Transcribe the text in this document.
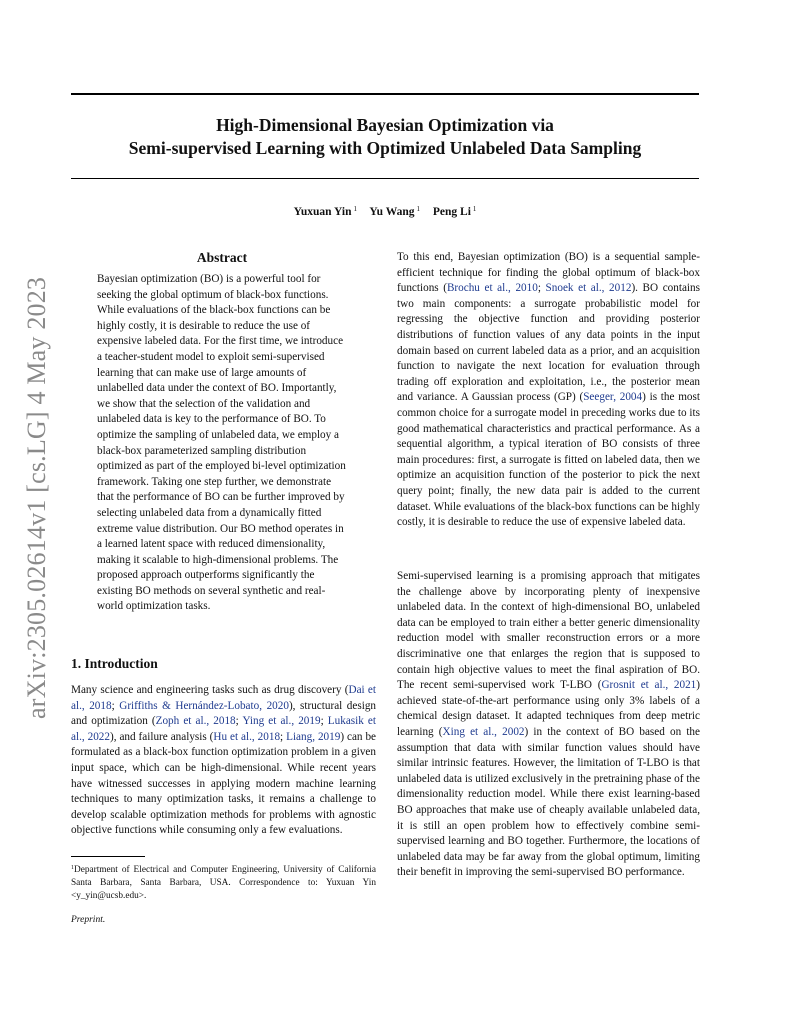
High-Dimensional Bayesian Optimization via
Semi-supervised Learning with Optimized Unlabeled Data Sampling
Yuxuan Yin $^1$ Yu Wang $^1$ Peng Li $^1$
arXiv:2305.02614v1 [cs.LG] 4 May 2023
Abstract
Bayesian optimization (BO) is a powerful tool for seeking the global optimum of black-box functions. While evaluations of the black-box functions can be highly costly, it is desirable to reduce the use of expensive labeled data. For the first time, we introduce a teacher-student model to exploit semi-supervised learning that can make use of large amounts of unlabelled data under the context of BO. Importantly, we show that the selection of the validation and unlabeled data is key to the performance of BO. To optimize the sampling of unlabeled data, we employ a black-box parameterized sampling distribution optimized as part of the employed bi-level optimization framework. Taking one step further, we demonstrate that the performance of BO can be further improved by selecting unlabeled data from a dynamically fitted extreme value distribution. Our BO method operates in a learned latent space with reduced dimensionality, making it scalable to high-dimensional problems. The proposed approach outperforms significantly the existing BO methods on several synthetic and real-world optimization tasks.
1. Introduction
Many science and engineering tasks such as drug discovery (Dai et al., 2018; Griffiths & Hernández-Lobato, 2020), structural design and optimization (Zoph et al., 2018; Ying et al., 2019; Lukasik et al., 2022), and failure analysis (Hu et al., 2018; Liang, 2019) can be formulated as a black-box function optimization problem in a given input space, which can be high-dimensional. While recent years have witnessed successes in applying modern machine learning techniques to many optimization tasks, it remains a challenge to develop scalable optimization methods for problems with agnostic objective functions while consuming only a few evaluations.
To this end, Bayesian optimization (BO) is a sequential sample-efficient technique for finding the global optimum of black-box functions (Brochu et al., 2010; Snoek et al., 2012). BO contains two main components: a surrogate probabilistic model for regressing the objective function and providing posterior distributions of function values of any data points in the input domain based on current labeled data as a prior, and an acquisition function to navigate the next location for evaluation through trading off exploration and exploitation, i.e., the posterior mean and variance. A Gaussian process (GP) (Seeger, 2004) is the most common choice for a surrogate model in preceding works due to its good mathematical characteristics and practical performance. As a sequential algorithm, a typical iteration of BO consists of three main procedures: first, a surrogate is fitted on labeled data, then we optimize an acquisition function of the posterior to pick the next query point; finally, the new data pair is added to the current dataset. While evaluations of the black-box functions can be highly costly, it is desirable to reduce the use of expensive labeled data.
Semi-supervised learning is a promising approach that mitigates the challenge above by incorporating plenty of inexpensive unlabeled data. In the context of high-dimensional BO, unlabeled data can be employed to train either a better generic dimensionality reduction model with smaller reconstruction errors or a more discriminative one that enlarges the region that is supposed to contain high objective values to meet the final aspiration of BO. The recent semi-supervised work T-LBO (Grosnit et al., 2021) achieved state-of-the-art performance using only 3% labels of a chemical design dataset. It adapted techniques from deep metric learning (Xing et al., 2002) in the context of BO based on the assumption that data with similar function values should have similar intrinsic features. However, the limitation of T-LBO is that unlabeled data is utilized exclusively in the pretraining phase of the dimensionality reduction model. While there exist learning-based BO approaches that make use of cheaply available unlabeled data, it is still an open problem how to effectively combine semi-supervised learning and BO together. Furthermore, the locations of unlabeled data may be far away from the global optimum, limiting their benefit in improving the semi-supervised BO performance.
$^1$Department of Electrical and Computer Engineering, University of California Santa Barbara, Santa Barbara, USA. Correspondence to: Yuxuan Yin <y_yin@ucsb.edu>.
Preprint.
